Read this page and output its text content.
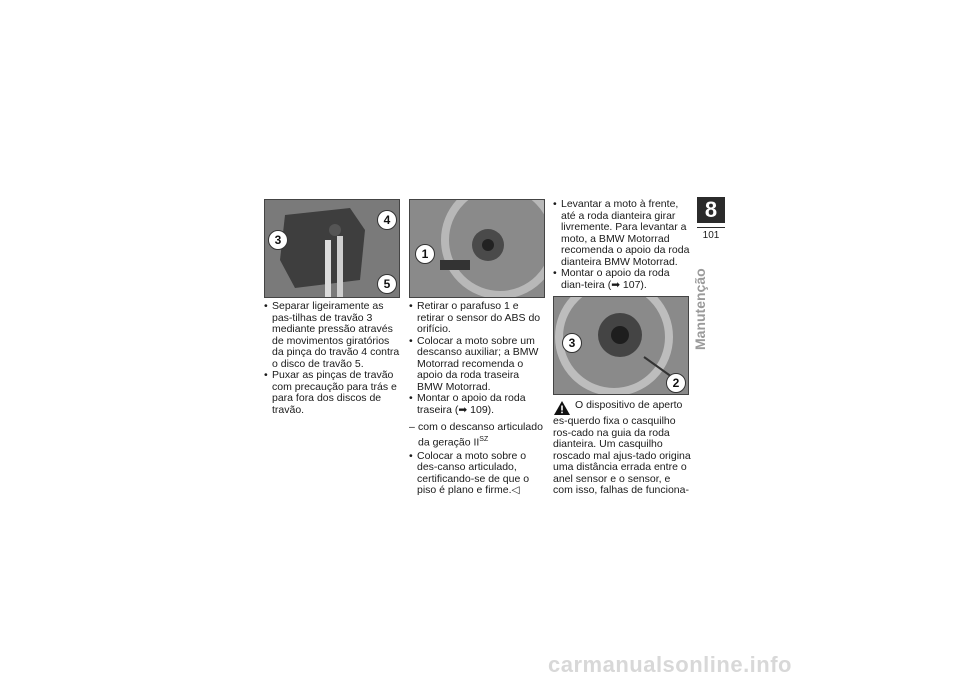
3
4
5
• Separar ligeiramente as pas-tilhas de travão 3 mediante pressão através de movimentos giratórios da pinça do travão 4 contra o disco de travão 5.
• Puxar as pinças de travão com precaução para trás e para fora dos discos de travão.
1
• Retirar o parafuso 1 e retirar o sensor do ABS do orifício.
• Colocar a moto sobre um descanso auxiliar; a BMW Motorrad recomenda o apoio da roda traseira BMW Motorrad.
• Montar o apoio da roda traseira (➡ 109).
– com o descanso articulado da geração $II^{SZ}$
• Colocar a moto sobre o des-canso articulado, certificando-se de que o piso é plano e firme.◁
• Levantar a moto à frente, até a roda dianteira girar livremente. Para levantar a moto, a BMW Motorrad recomenda o apoio da roda dianteira BMW Motorrad.
• Montar o apoio da roda dian-teira (➡ 107).
3
2
O dispositivo de aperto es-querdo fixa o casquilho ros-cado na guia da roda dianteira. Um casquilho roscado mal ajus-tado origina uma distância errada entre o anel sensor e o sensor, e com isso, falhas de funciona-
8
101
Manutenção
carmanualsonline.info
